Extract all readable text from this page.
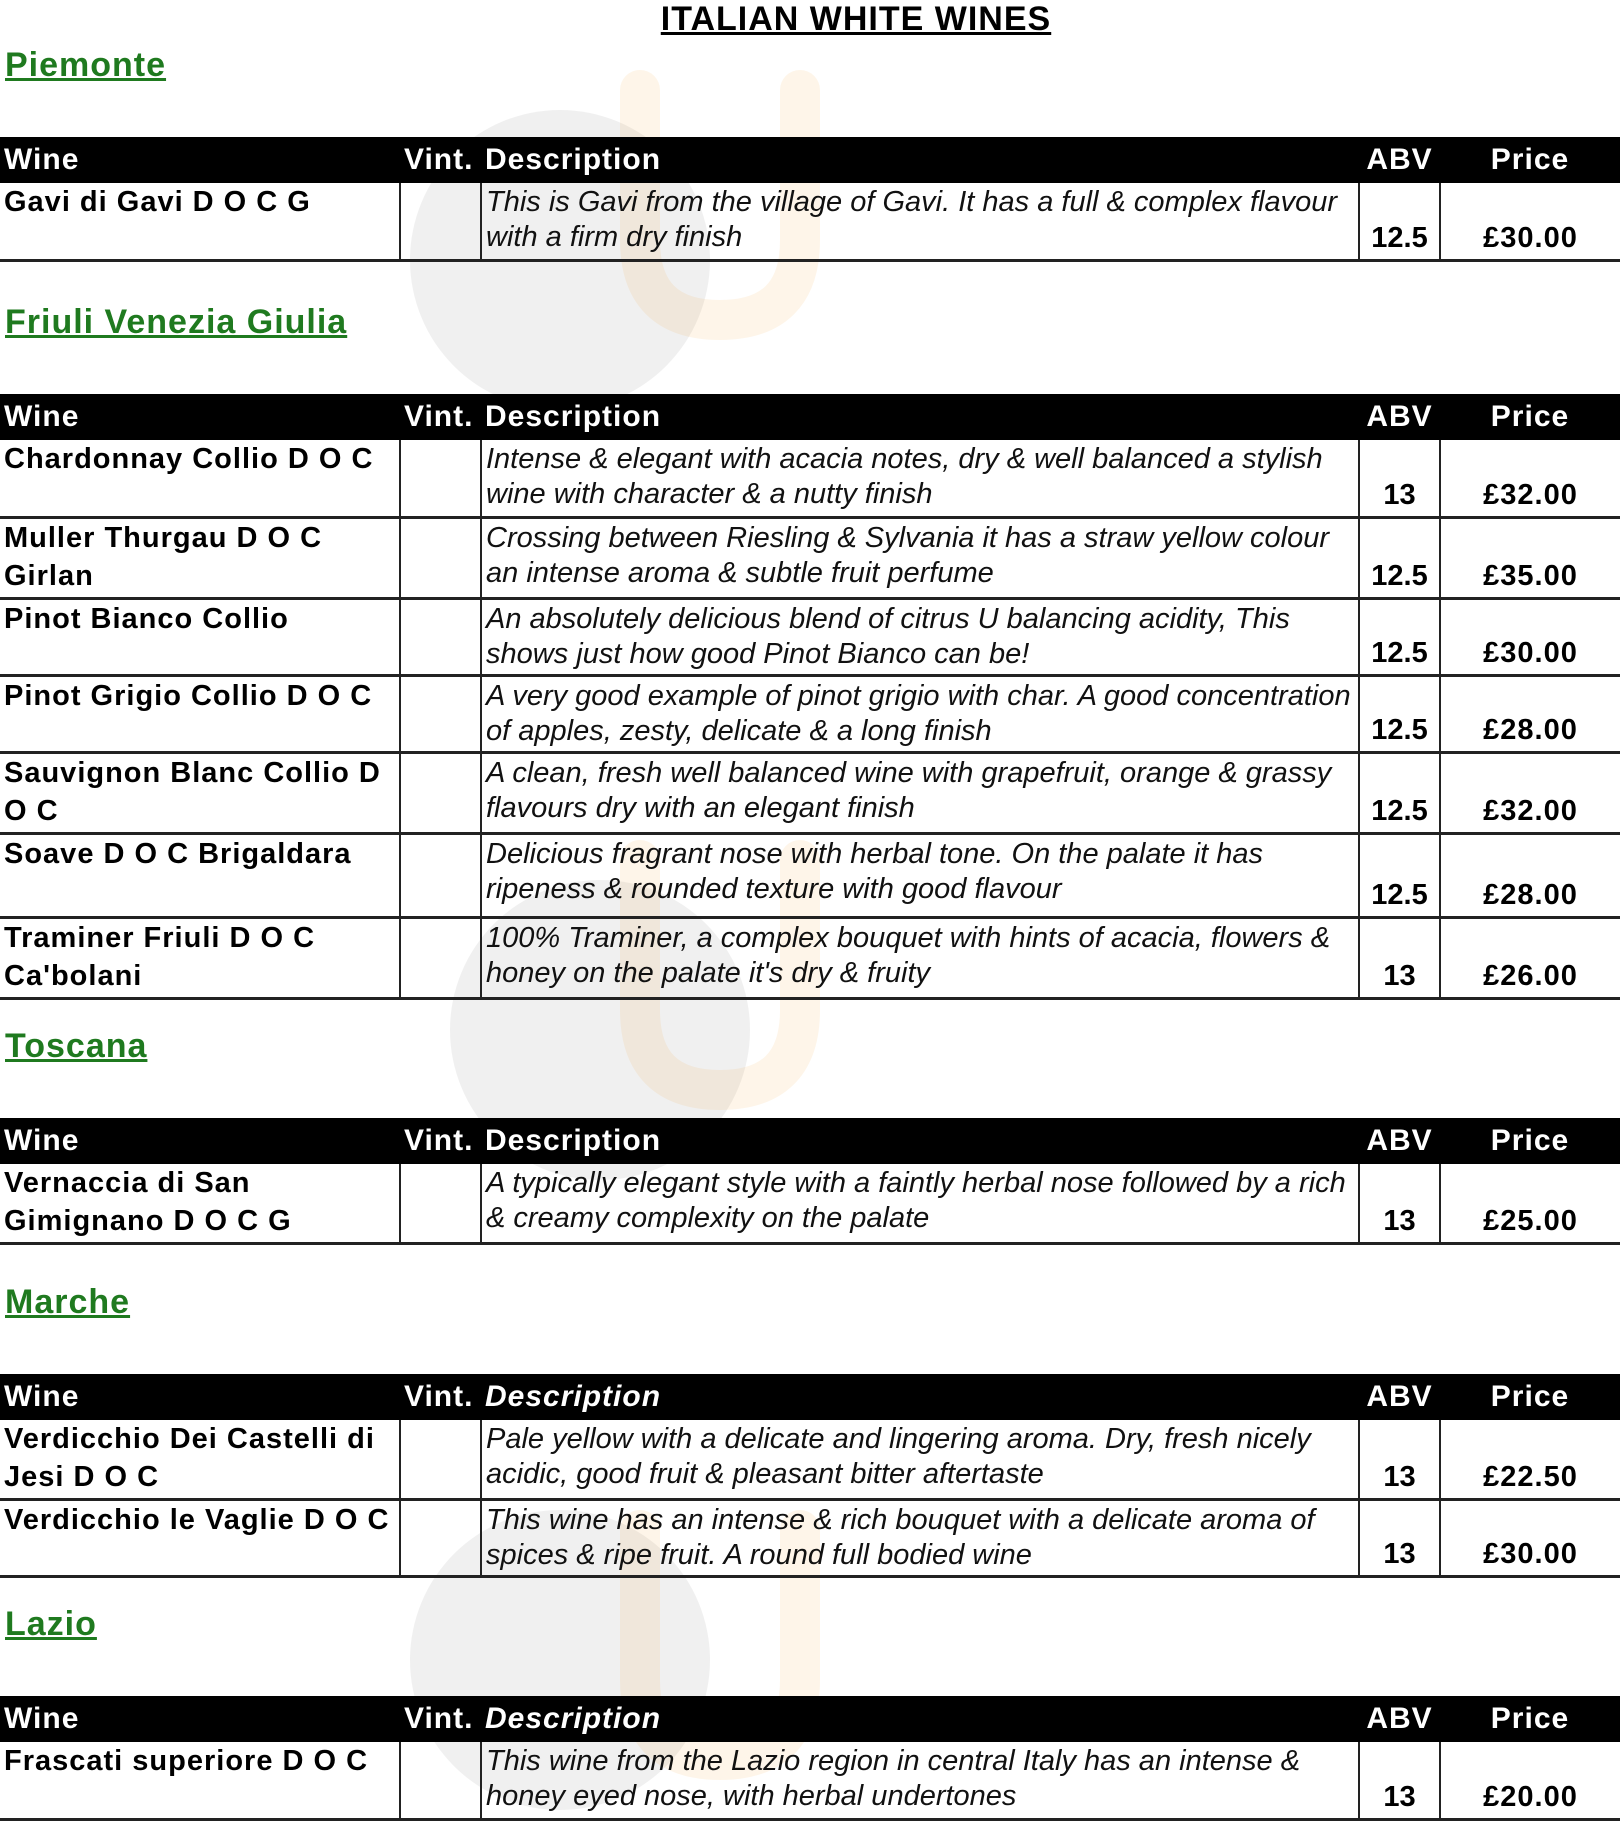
ITALIAN WHITE WINES
Piemonte
Wine	Vint.	Description	ABV	Price
Gavi di Gavi D O C G		This is Gavi from the village of Gavi. It has a full & complex flavour with a firm dry finish	12.5	£30.00
Friuli Venezia Giulia
Wine	Vint.	Description	ABV	Price
Chardonnay Collio D O C		Intense & elegant with acacia notes, dry & well balanced a stylish wine with character & a nutty finish	13	£32.00
Muller Thurgau D O C Girlan		Crossing between Riesling & Sylvania it has a straw yellow colour an intense aroma & subtle fruit perfume	12.5	£35.00
Pinot Bianco Collio		An absolutely delicious blend of citrus U balancing acidity, This shows just how good Pinot Bianco can be!	12.5	£30.00
Pinot Grigio Collio D O C		A very good example of pinot grigio with char. A good concentration of apples, zesty, delicate & a long finish	12.5	£28.00
Sauvignon Blanc Collio D O C		A clean, fresh well balanced wine with grapefruit, orange & grassy flavours dry with an elegant finish	12.5	£32.00
Soave D O C Brigaldara		Delicious fragrant nose with herbal tone. On the palate it has ripeness & rounded texture with good flavour	12.5	£28.00
Traminer Friuli D O C Ca'bolani		100% Traminer, a complex bouquet with hints of acacia, flowers & honey on the palate it's dry & fruity	13	£26.00
Toscana
Wine	Vint.	Description	ABV	Price
Vernaccia di San Gimignano D O C G		A typically elegant style with a faintly herbal nose followed by a rich & creamy complexity on the palate	13	£25.00
Marche
Wine	Vint.	Description	ABV	Price
Verdicchio Dei Castelli di Jesi D O C		Pale yellow with a delicate and lingering aroma. Dry, fresh nicely acidic, good fruit & pleasant bitter aftertaste	13	£22.50
Verdicchio le Vaglie D O C		This wine has an intense & rich bouquet with a delicate aroma of spices & ripe fruit. A round full bodied wine	13	£30.00
Lazio
Wine	Vint.	Description	ABV	Price
Frascati superiore D O C		This wine from the Lazio region in central Italy has an intense & honey eyed nose, with herbal undertones	13	£20.00
